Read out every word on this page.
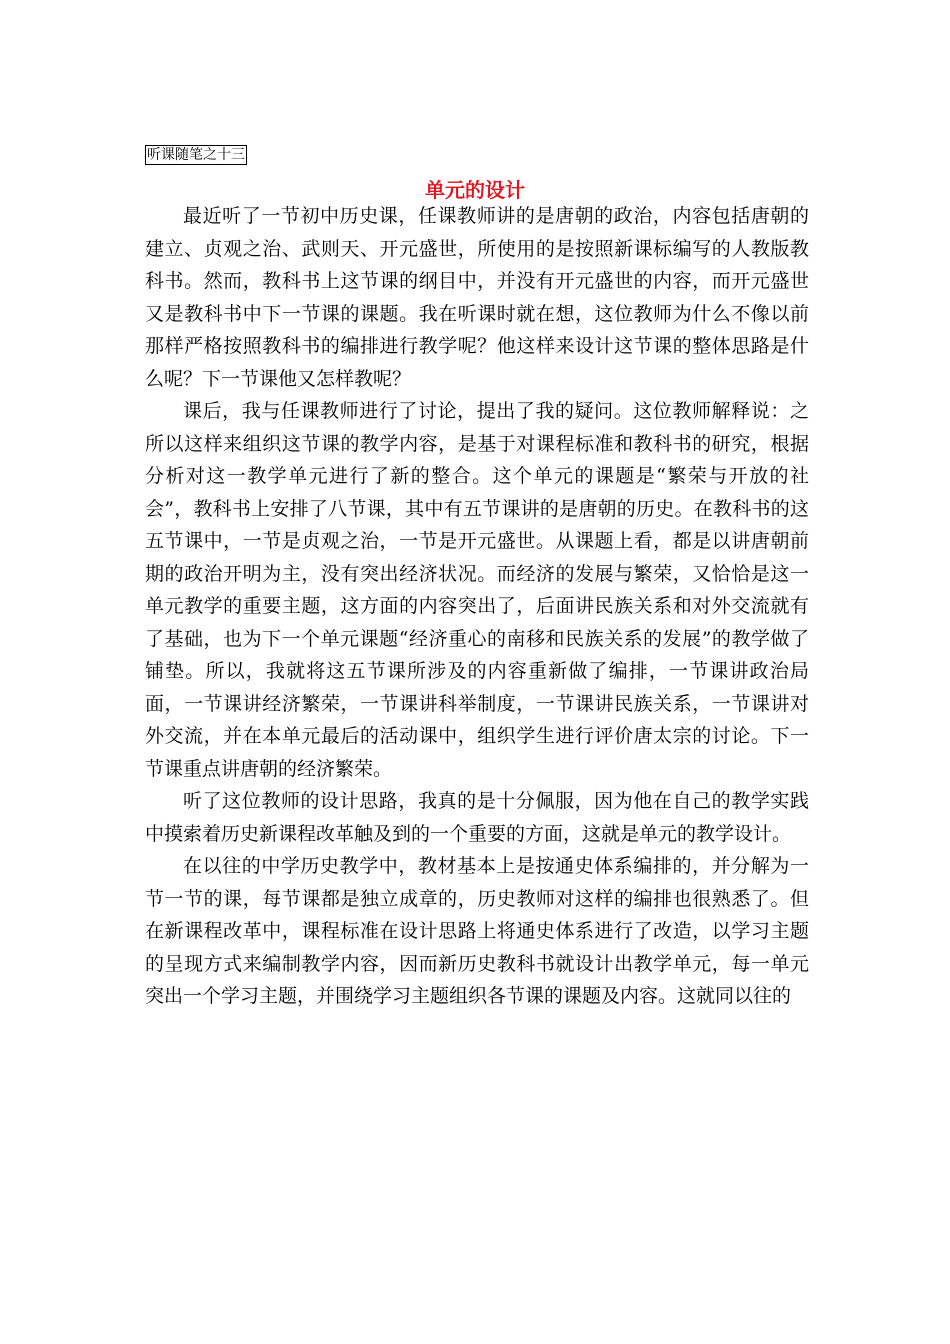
听课随笔之十三
单元的设计

最近听了一节初中历史课，任课教师讲的是唐朝的政治，内容包括唐朝的建立、贞观之治、武则天、开元盛世，所使用的是按照新课标编写的人教版教科书。然而，教科书上这节课的纲目中，并没有开元盛世的内容，而开元盛世又是教科书中下一节课的课题。我在听课时就在想，这位教师为什么不像以前那样严格按照教科书的编排进行教学呢？他这样来设计这节课的整体思路是什么呢？下一节课他又怎样教呢？

课后，我与任课教师进行了讨论，提出了我的疑问。这位教师解释说：之所以这样来组织这节课的教学内容，是基于对课程标准和教科书的研究，根据分析对这一教学单元进行了新的整合。这个单元的课题是“繁荣与开放的社会”，教科书上安排了八节课，其中有五节课讲的是唐朝的历史。在教科书的这五节课中，一节是贞观之治，一节是开元盛世。从课题上看，都是以讲唐朝前期的政治开明为主，没有突出经济状况。而经济的发展与繁荣，又恰恰是这一单元教学的重要主题，这方面的内容突出了，后面讲民族关系和对外交流就有了基础，也为下一个单元课题“经济重心的南移和民族关系的发展”的教学做了铺垫。所以，我就将这五节课所涉及的内容重新做了编排，一节课讲政治局面，一节课讲经济繁荣，一节课讲科举制度，一节课讲民族关系，一节课讲对外交流，并在本单元最后的活动课中，组织学生进行评价唐太宗的讨论。下一节课重点讲唐朝的经济繁荣。

听了这位教师的设计思路，我真的是十分佩服，因为他在自己的教学实践中摸索着历史新课程改革触及到的一个重要的方面，这就是单元的教学设计。

在以往的中学历史教学中，教材基本上是按通史体系编排的，并分解为一节一节的课，每节课都是独立成章的，历史教师对这样的编排也很熟悉了。但在新课程改革中，课程标准在设计思路上将通史体系进行了改造，以学习主题的呈现方式来编制教学内容，因而新历史教科书就设计出教学单元，每一单元突出一个学习主题，并围绕学习主题组织各节课的课题及内容。这就同以往的
